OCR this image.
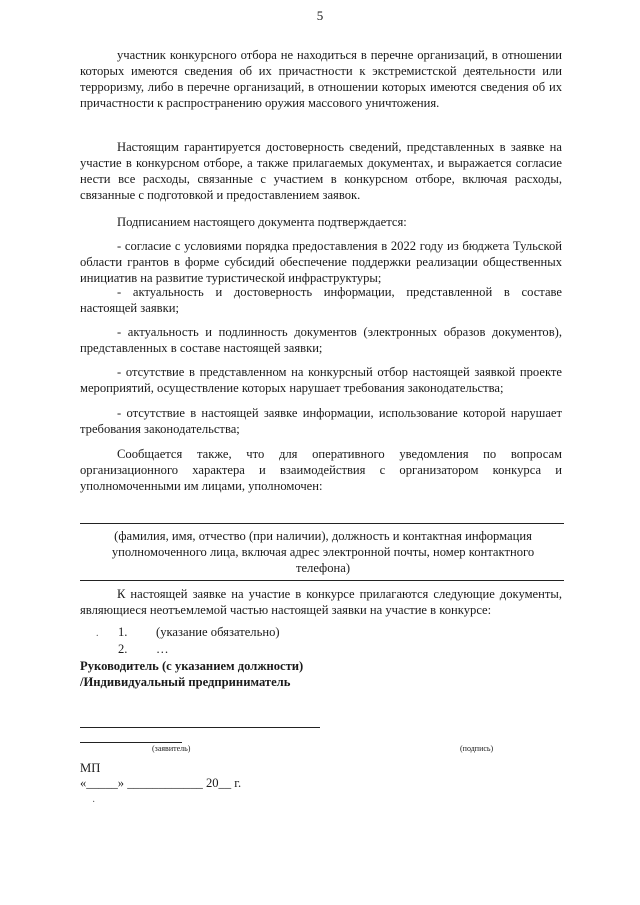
5

участник конкурсного отбора не находиться в перечне организаций, в отношении которых имеются сведения об их причастности к экстремистской деятельности или терроризму, либо в перечне организаций, в отношении которых имеются сведения об их причастности к распространению оружия массового уничтожения.

Настоящим гарантируется достоверность сведений, представленных в заявке на участие в конкурсном отборе, а также прилагаемых документах, и выражается согласие нести все расходы, связанные с участием в конкурсном отборе, включая расходы, связанные с подготовкой и предоставлением заявок.

Подписанием настоящего документа подтверждается:

- согласие с условиями порядка предоставления в 2022 году из бюджета Тульской области грантов в форме субсидий обеспечение поддержки реализации общественных инициатив на развитие туристической инфраструктуры;

- актуальность и достоверность информации, представленной в составе настоящей заявки;

- актуальность и подлинность документов (электронных образов документов), представленных в составе настоящей заявки;

- отсутствие в представленном на конкурсный отбор настоящей заявкой проекте мероприятий, осуществление которых нарушает требования законодательства;

- отсутствие в настоящей заявке информации, использование которой нарушает требования законодательства;

Сообщается также, что для оперативного уведомления по вопросам организационного характера и взаимодействия с организатором конкурса и уполномоченными им лицами, уполномочен:

(фамилия, имя, отчество (при наличии), должность и контактная информация уполномоченного лица, включая адрес электронной почты, номер контактного телефона)

К настоящей заявке на участие в конкурсе прилагаются следующие документы, являющиеся неотъемлемой частью настоящей заявки на участие в конкурсе:

. 1. (указание обязательно)
2. …
Руководитель (с указанием должности)
/Индивидуальный предприниматель
(заявитель)	(подпись)
МП
«_____» ____________ 20__ г.
·
